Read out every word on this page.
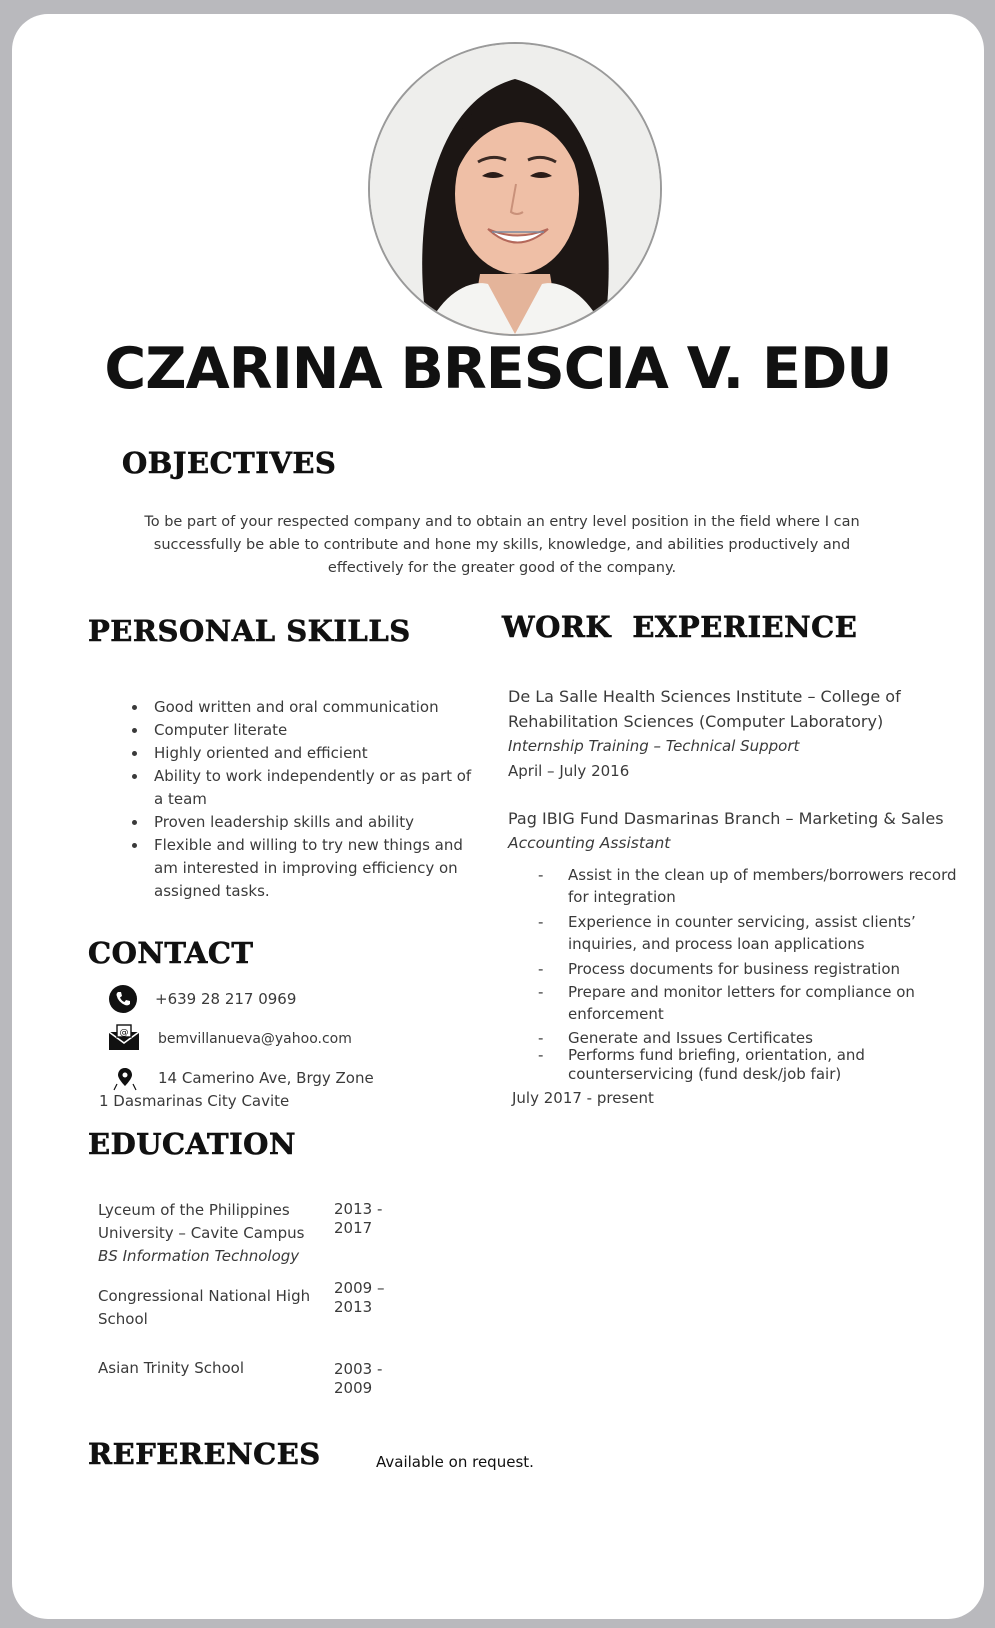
CZARINA BRESCIA V. EDU
OBJECTIVES
To be part of your respected company and to obtain an entry level position in the field where I can successfully be able to contribute and hone my skills, knowledge, and abilities productively and effectively for the greater good of the company.
PERSONAL SKILLS
• Good written and oral communication
• Computer literate
• Highly oriented and efficient
• Ability to work independently or as part of a team
• Proven leadership skills and ability
• Flexible and willing to try new things and am interested in improving efficiency on assigned tasks.
CONTACT
+639 28 217 0969
@ bemvillanueva@yahoo.com
14 Camerino Ave, Brgy Zone
1 Dasmarinas City Cavite
EDUCATION
Lyceum of the Philippines
University – Cavite Campus
BS Information Technology
2013 -
2017
Congressional National High
School
2009 –
2013
Asian Trinity School	2003 -
2009
REFERENCES	Available on request.
WORK  EXPERIENCE
De La Salle Health Sciences Institute – College of
Rehabilitation Sciences (Computer Laboratory)
Internship Training – Technical Support
April – July 2016
Pag IBIG Fund Dasmarinas Branch – Marketing & Sales
Accounting Assistant
- Assist in the clean up of members/borrowers record for integration
- Experience in counter servicing, assist clients’ inquiries, and process loan applications
- Process documents for business registration
- Prepare and monitor letters for compliance on enforcement
- Generate and Issues Certificates
- Performs fund briefing, orientation, and counterservicing (fund desk/job fair)
July 2017 - present
